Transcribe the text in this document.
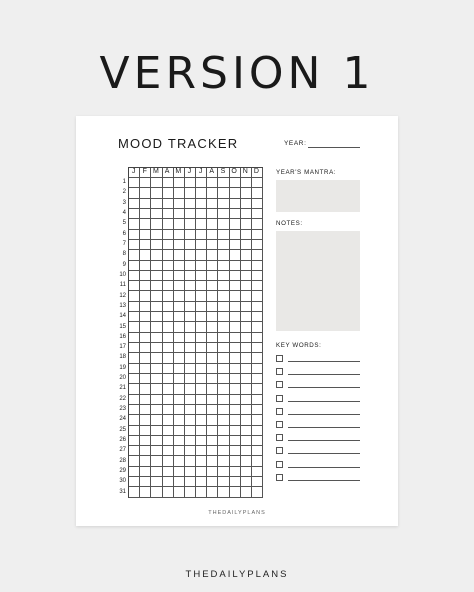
VERSION 1
MOOD TRACKER	YEAR:
J	F M A M J	J	A S O N D
1
2
3
4
5
6
7
8
9
10
11
12
13
14
15
16
17
18
19
20
21
22
23
24
25
26
27
28
29
30
31
YEAR'S MANTRA:
NOTES:
KEY WORDS:
THEDAILYPLANS
THEDAILYPLANS
